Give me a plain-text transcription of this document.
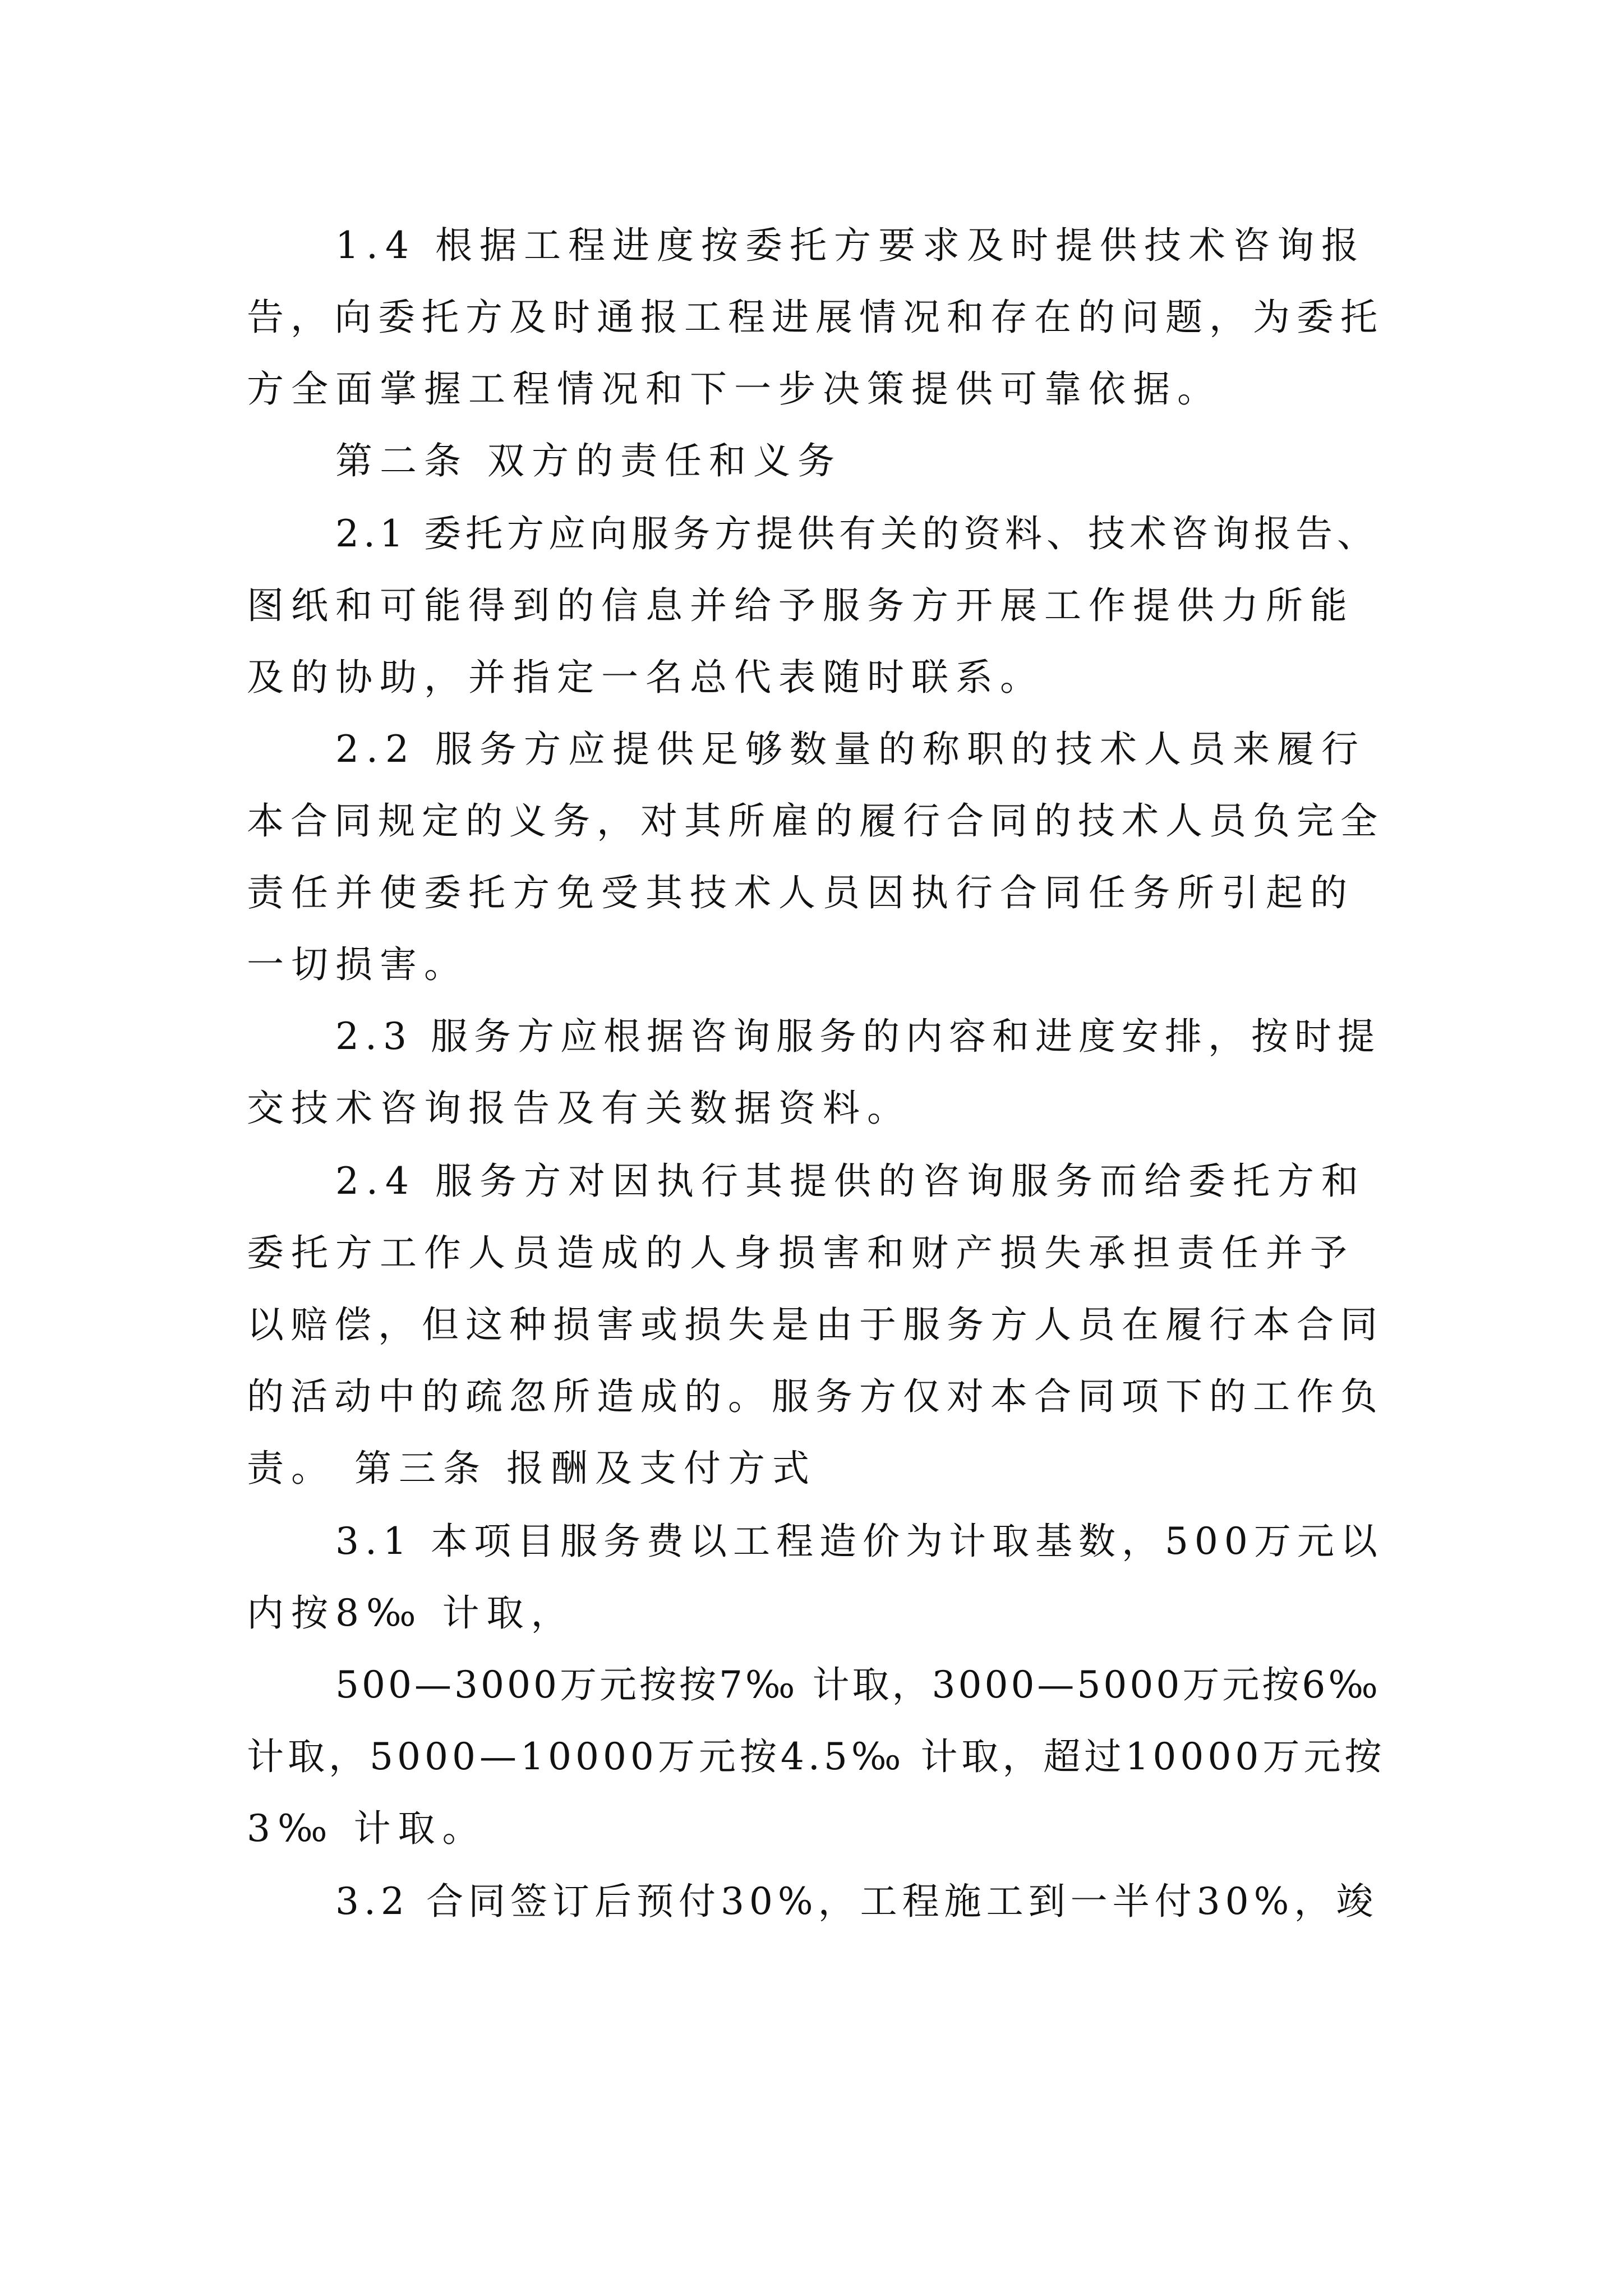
1.4 根据工程进度按委托方要求及时提供技术咨询报

告，向委托方及时通报工程进展情况和存在的问题，为委托

方全面掌握工程情况和下一步决策提供可靠依据。

第二条 双方的责任和义务

2.1 委托方应向服务方提供有关的资料、技术咨询报告、

图纸和可能得到的信息并给予服务方开展工作提供力所能

及的协助，并指定一名总代表随时联系。

2.2 服务方应提供足够数量的称职的技术人员来履行

本合同规定的义务，对其所雇的履行合同的技术人员负完全

责任并使委托方免受其技术人员因执行合同任务所引起的

一切损害。

2.3 服务方应根据咨询服务的内容和进度安排，按时提

交技术咨询报告及有关数据资料。

2.4 服务方对因执行其提供的咨询服务而给委托方和

委托方工作人员造成的人身损害和财产损失承担责任并予

以赔偿，但这种损害或损失是由于服务方人员在履行本合同

的活动中的疏忽所造成的。服务方仅对本合同项下的工作负

责。 第三条 报酬及支付方式

3.1 本项目服务费以工程造价为计取基数，500万元以

内按8‰ 计取，

500—3000万元按按7‰ 计取，3000—5000万元按6‰

计取，5000—10000万元按4.5‰ 计取，超过10000万元按

3‰ 计取。

3.2 合同签订后预付30%，工程施工到一半付30%，竣
